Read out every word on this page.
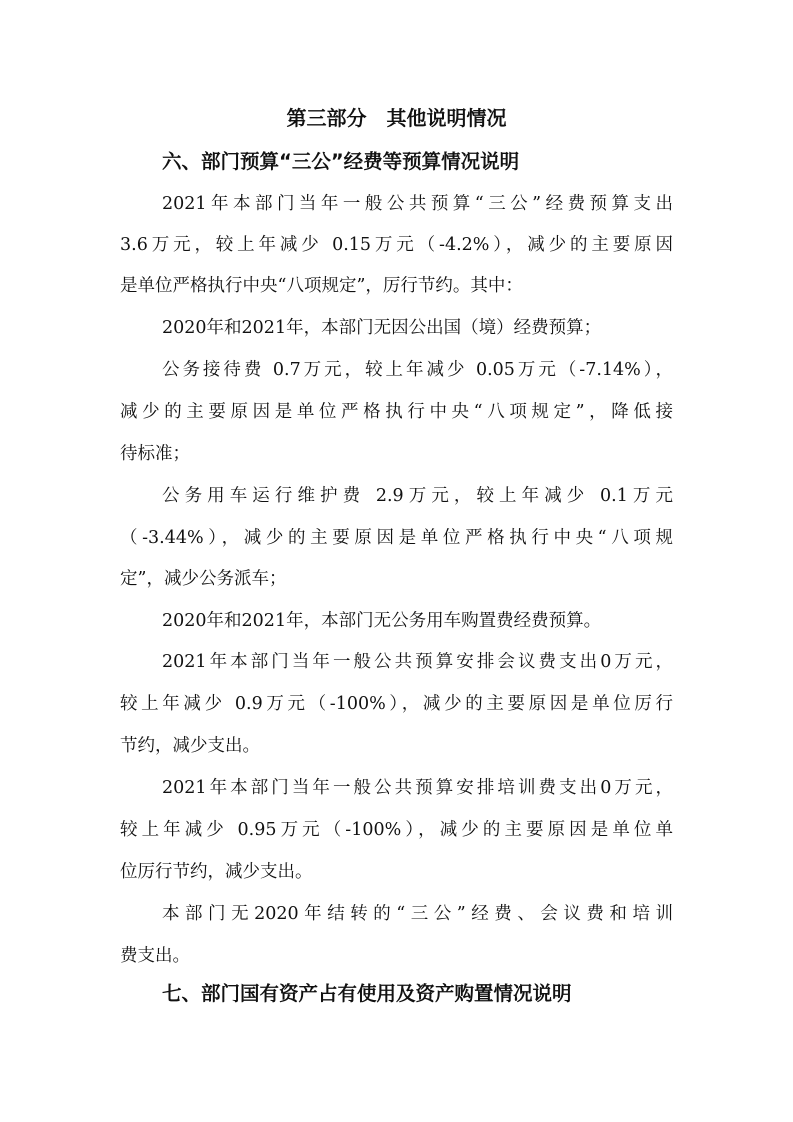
第三部分　其他说明情况
六、部门预算“三公”经费等预算情况说明
2021年本部门当年一般公共预算“三公”经费预算支出
3.6万元，较上年减少 0.15万元（-4.2%），减少的主要原因
是单位严格执行中央“八项规定”，厉行节约。其中：
2020年和2021年，本部门无因公出国（境）经费预算；
公务接待费 0.7万元，较上年减少 0.05万元（-7.14%），
减少的主要原因是单位严格执行中央“八项规定”，降低接
待标准；
公务用车运行维护费 2.9万元，较上年减少 0.1万元
（-3.44%），减少的主要原因是单位严格执行中央“八项规
定”，减少公务派车；
2020年和2021年，本部门无公务用车购置费经费预算。
2021年本部门当年一般公共预算安排会议费支出0万元，
较上年减少 0.9万元（-100%），减少的主要原因是单位厉行
节约，减少支出。
2021年本部门当年一般公共预算安排培训费支出0万元，
较上年减少 0.95万元（-100%），减少的主要原因是单位单
位厉行节约，减少支出。
本部门无2020年结转的“三公”经费、会议费和培训
费支出。
七、部门国有资产占有使用及资产购置情况说明
